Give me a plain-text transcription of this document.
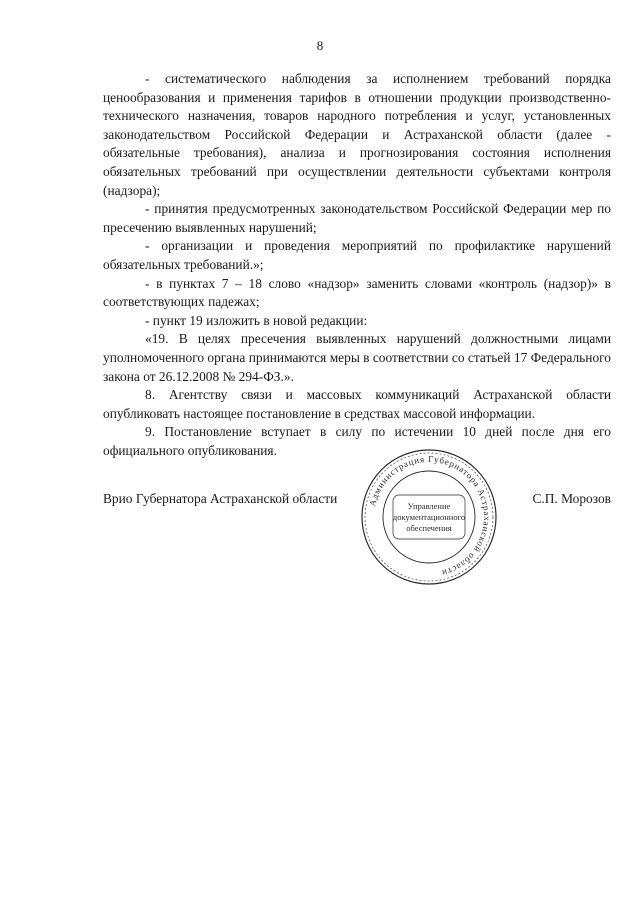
8

- систематического наблюдения за исполнением требований порядка ценообразования и применения тарифов в отношении продукции производственно-технического назначения, товаров народного потребления и услуг, установленных законодательством Российской Федерации и Астраханской области (далее - обязательные требования), анализа и прогнозирования состояния исполнения обязательных требований при осуществлении деятельности субъектами контроля (надзора);

- принятия предусмотренных законодательством Российской Федерации мер по пресечению выявленных нарушений;

- организации и проведения мероприятий по профилактике нарушений обязательных требований.»;

- в пунктах 7 – 18 слово «надзор» заменить словами «контроль (надзор)» в соответствующих падежах;

- пункт 19 изложить в новой редакции:

«19. В целях пресечения выявленных нарушений должностными лицами уполномоченного органа принимаются меры в соответствии со статьей 17 Федерального закона от 26.12.2008 № 294-ФЗ.».

8. Агентству связи и массовых коммуникаций Астраханской области опубликовать настоящее постановление в средствах массовой информации.

9. Постановление вступает в силу по истечении 10 дней после дня его официального опубликования.

Врио Губернатора Астраханской области	С.П. Морозов
Администрация Губернатора Астраханской области
Управление
документационного
обеспечения
